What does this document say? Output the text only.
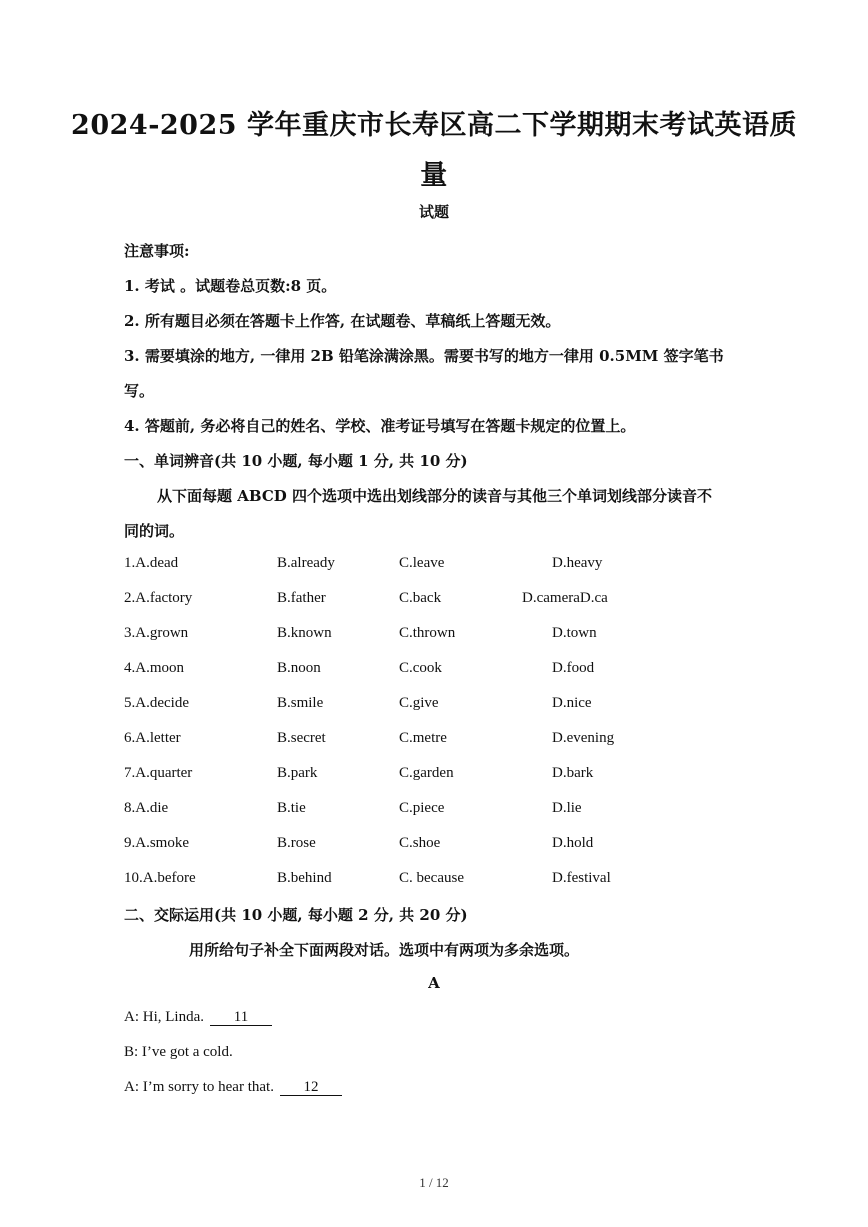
2024-2025 学年重庆市长寿区高二下学期期末考试英语质
量
试题
注意事项:
1. 考试 。试题卷总页数:8 页。
2. 所有题目必须在答题卡上作答, 在试题卷、草稿纸上答题无效。
3. 需要填涂的地方, 一律用 2B 铅笔涂满涂黑。需要书写的地方一律用 0.5MM 签字笔书
写。
4. 答题前, 务必将自己的姓名、学校、准考证号填写在答题卡规定的位置上。
一、单词辨音(共 10 小题, 每小题 1 分, 共 10 分)
从下面每题 ABCD 四个选项中选出划线部分的读音与其他三个单词划线部分读音不
同的词。
1.A.dead	B.already	C.leave	D.heavy
2.A.factory	B.father	C.back	D.cameraD.ca
3.A.grown	B.known	C.thrown	D.town
4.A.moon	B.noon	C.cook	D.food
5.A.decide	B.smile	C.give	D.nice
6.A.letter	B.secret	C.metre	D.evening
7.A.quarter	B.park	C.garden	D.bark
8.A.die	B.tie	C.piece	D.lie
9.A.smoke	B.rose	C.shoe	D.hold
10.A.before	B.behind	C. because	D.festival
二、交际运用(共 10 小题, 每小题 2 分, 共 20 分)
用所给句子补全下面两段对话。选项中有两项为多余选项。
A
A: Hi, Linda. 11
B: I’ve got a cold.
A: I’m sorry to hear that. 12
1 / 12
